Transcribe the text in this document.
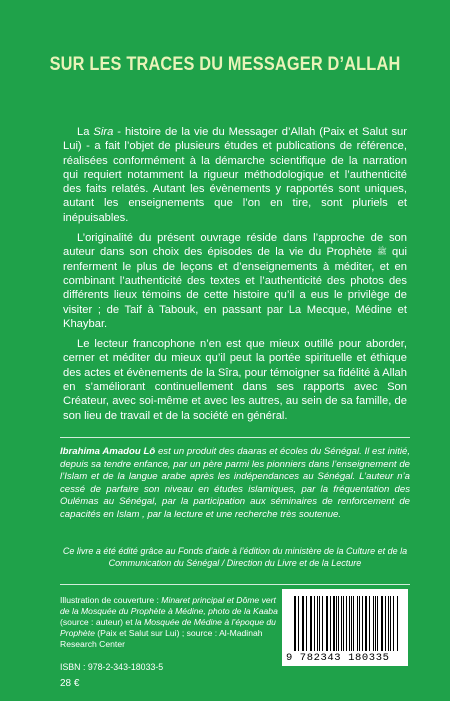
SUR LES TRACES DU MESSAGER D’ALLAH

La Sira - histoire de la vie du Messager d’Allah (Paix et Salut sur Lui) - a fait l’objet de plusieurs études et publications de référence, réalisées conformément à la démarche scientifique de la narration qui requiert notamment la rigueur méthodologique et l’authenticité des faits relatés. Autant les évènements y rapportés sont uniques, autant les enseignements que l’on en tire, sont pluriels et inépuisables.

L’originalité du présent ouvrage réside dans l’approche de son auteur dans son choix des épisodes de la vie du Prophète ﷺ qui renferment le plus de leçons et d’enseignements à méditer, et en combinant l’authenticité des textes et l’authenticité des photos des différents lieux témoins de cette histoire qu’il a eus le privilège de visiter ; de Taif à Tabouk, en passant par La Mecque, Médine et Khaybar.

Le lecteur francophone n’en est que mieux outillé pour aborder, cerner et méditer du mieux qu’il peut la portée spirituelle et éthique des actes et évènements de la Sîra, pour témoigner sa fidélité à Allah en s’améliorant continuellement dans ses rapports avec Son Créateur, avec soi-même et avec les autres, au sein de sa famille, de son lieu de travail et de la société en général.

Ibrahima Amadou Lô est un produit des daaras et écoles du Sénégal. Il est initié, depuis sa tendre enfance, par un père parmi les pionniers dans l’enseignement de l’Islam et de la langue arabe après les indépendances au Sénégal. L’auteur n’a cessé de parfaire son niveau en études islamiques, par la fréquentation des Oulémas au Sénégal, par la participation aux séminaires de renforcement de capacités en Islam , par la lecture et une recherche très soutenue.
Ce livre a été édité grâce au Fonds d’aide à l’édition du ministère de la Culture et de la Communication du Sénégal / Direction du Livre et de la Lecture
Illustration de couverture : Minaret principal et Dôme vert de la Mosquée du Prophète à Médine, photo de la Kaaba (source : auteur) et la Mosquée de Médine à l’époque du Prophète (Paix et Salut sur Lui) ; source : Al-Madinah Research Center
ISBN : 978-2-343-18033-5
28 €
9 782343 180335
